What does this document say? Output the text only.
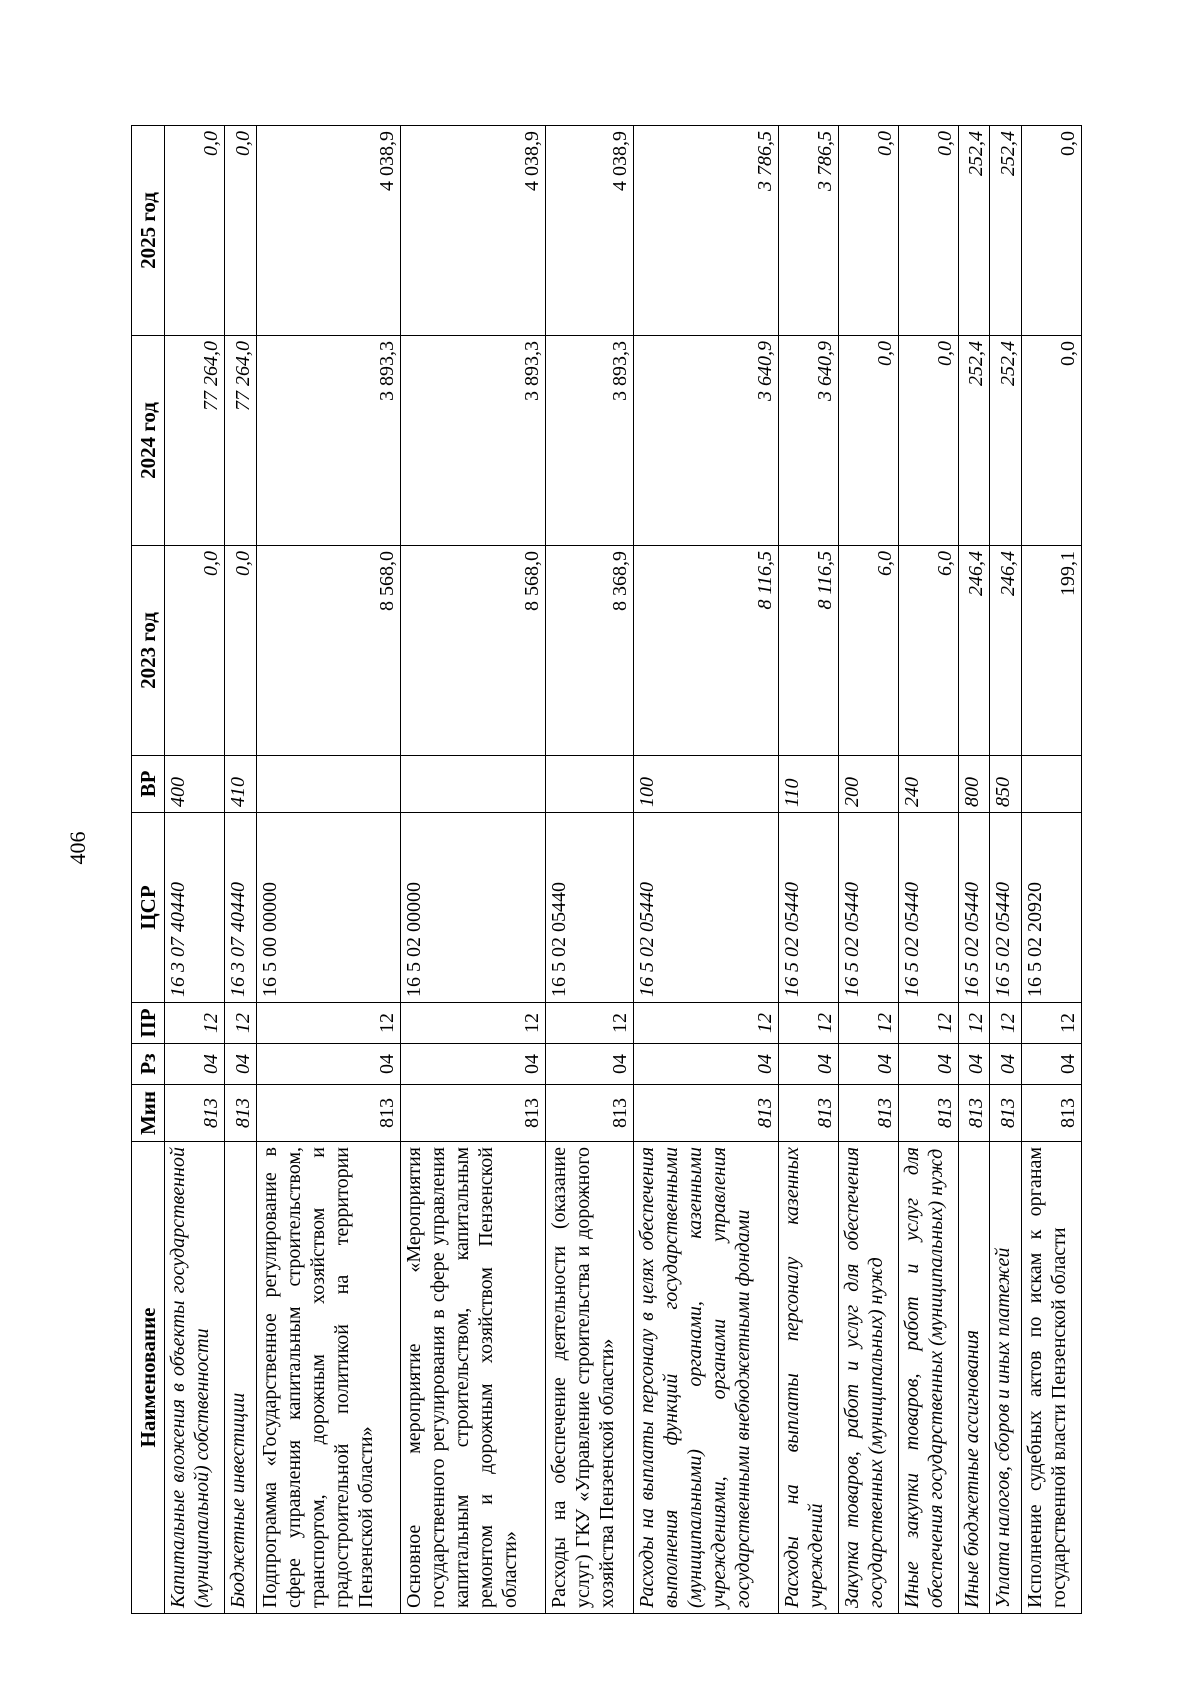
406
Наименование	Мин	Рз	ПР	ЦСР	ВР	2023 год	2024 год	2025 год
Капитальные вложения в объекты государственной (муниципальной) собственности	813	04	12	16 3 07 40440	400	0,0	77 264,0	0,0
Бюджетные инвестиции	813	04	12	16 3 07 40440	410	0,0	77 264,0	0,0
Подпрограмма «Государственное регулирование в сфере управления капитальным строительством, транспортом, дорожным хозяйством и градостроительной политикой на территории Пензенской области»	813	04	12	16 5 00 00000		8 568,0	3 893,3	4 038,9
Основное мероприятие «Мероприятия государственного регулирования в сфере управления капитальным строительством, капитальным ремонтом и дорожным хозяйством Пензенской области»	813	04	12	16 5 02 00000		8 568,0	3 893,3	4 038,9
Расходы на обеспечение деятельности (оказание услуг) ГКУ «Управление строительства и дорожного хозяйства Пензенской области»	813	04	12	16 5 02 05440		8 368,9	3 893,3	4 038,9
Расходы на выплаты персоналу в целях обеспечения выполнения функций государственными (муниципальными) органами, казенными учреждениями, органами управления государственными внебюджетными фондами	813	04	12	16 5 02 05440	100	8 116,5	3 640,9	3 786,5
Расходы на выплаты персоналу казенных учреждений	813	04	12	16 5 02 05440	110	8 116,5	3 640,9	3 786,5
Закупка товаров, работ и услуг для обеспечения государственных (муниципальных) нужд	813	04	12	16 5 02 05440	200	6,0	0,0	0,0
Иные закупки товаров, работ и услуг для обеспечения государственных (муниципальных) нужд	813	04	12	16 5 02 05440	240	6,0	0,0	0,0
Иные бюджетные ассигнования	813	04	12	16 5 02 05440	800	246,4	252,4	252,4
Уплата налогов, сборов и иных платежей	813	04	12	16 5 02 05440	850	246,4	252,4	252,4
Исполнение судебных актов по искам к органам государственной власти Пензенской области	813	04	12	16 5 02 20920		199,1	0,0	0,0
